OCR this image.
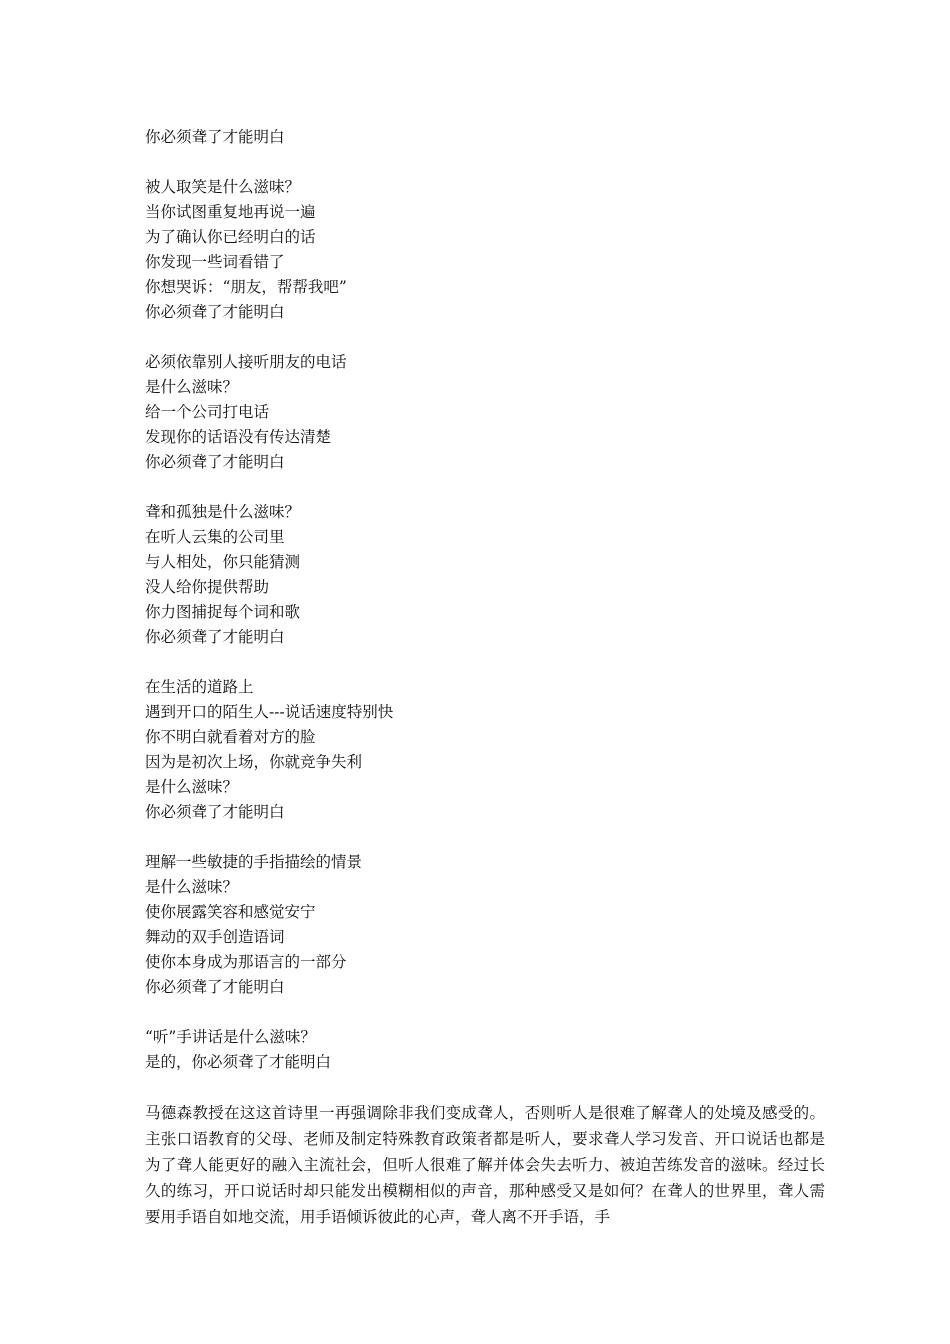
你必须聋了才能明白
被人取笑是什么滋味？
当你试图重复地再说一遍
为了确认你已经明白的话
你发现一些词看错了
你想哭诉：“朋友，帮帮我吧”
你必须聋了才能明白
必须依靠别人接听朋友的电话
是什么滋味？
给一个公司打电话
发现你的话语没有传达清楚
你必须聋了才能明白
聋和孤独是什么滋味？
在听人云集的公司里
与人相处，你只能猜测
没人给你提供帮助
你力图捕捉每个词和歌
你必须聋了才能明白
在生活的道路上
遇到开口的陌生人---说话速度特别快
你不明白就看着对方的脸
因为是初次上场，你就竞争失利
是什么滋味？
你必须聋了才能明白
理解一些敏捷的手指描绘的情景
是什么滋味？
使你展露笑容和感觉安宁
舞动的双手创造语词
使你本身成为那语言的一部分
你必须聋了才能明白
“听”手讲话是什么滋味？
是的，你必须聋了才能明白

马德森教授在这这首诗里一再强调除非我们变成聋人，否则听人是很难了解聋人的处境及感受的。主张口语教育的父母、老师及制定特殊教育政策者都是听人，要求聋人学习发音、开口说话也都是为了聋人能更好的融入主流社会，但听人很难了解并体会失去听力、被迫苦练发音的滋味。经过长久的练习，开口说话时却只能发出模糊相似的声音，那种感受又是如何？在聋人的世界里，聋人需要用手语自如地交流，用手语倾诉彼此的心声，聋人离不开手语，手
